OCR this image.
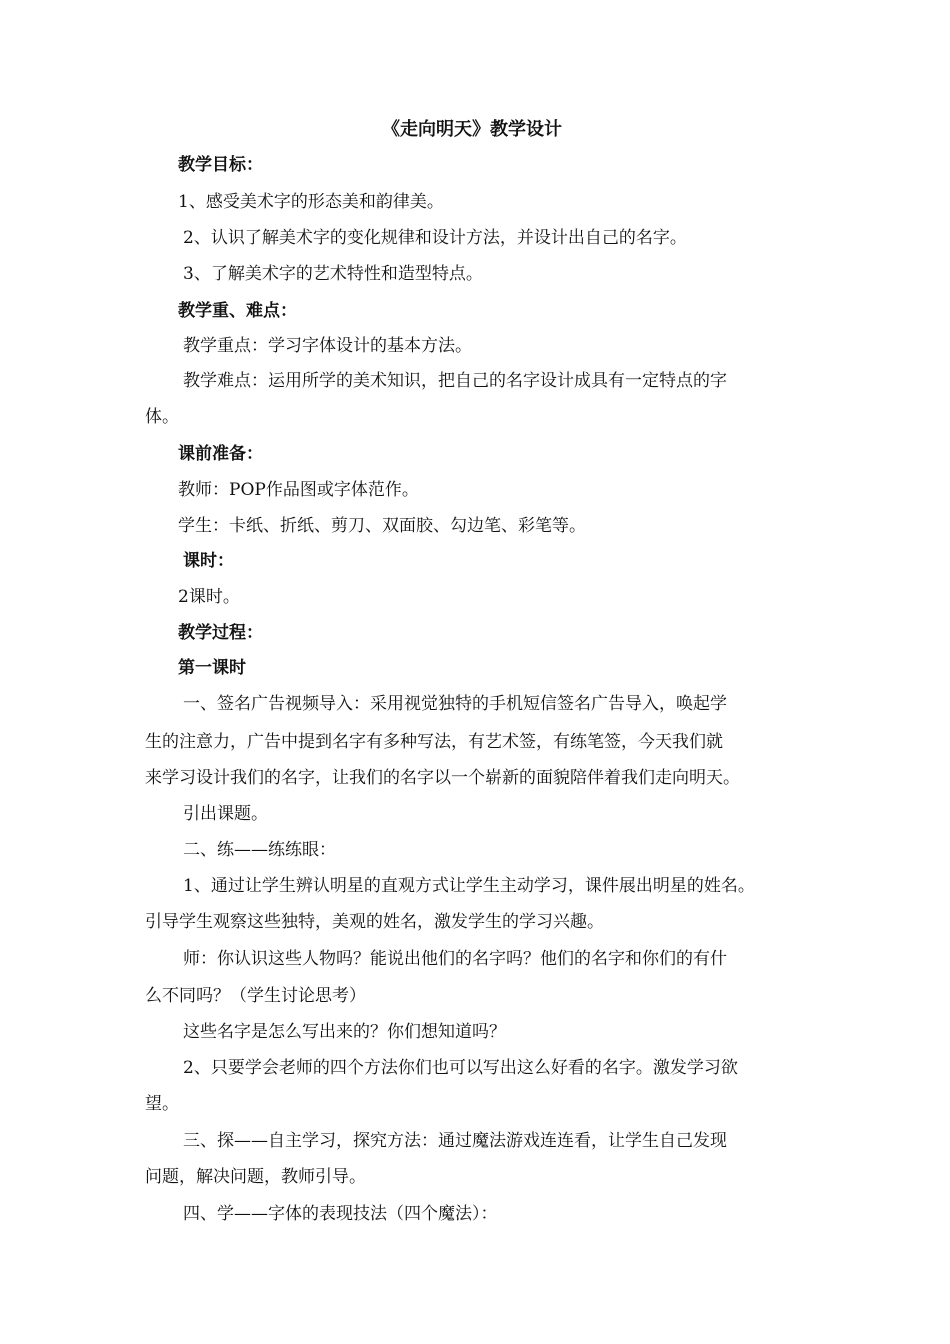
《走向明天》教学设计
教学目标：
1、感受美术字的形态美和韵律美。
2、认识了解美术字的变化规律和设计方法，并设计出自己的名字。
3、了解美术字的艺术特性和造型特点。
教学重、难点：
教学重点：学习字体设计的基本方法。
教学难点：运用所学的美术知识，把自己的名字设计成具有一定特点的字
体。
课前准备：
教师：POP作品图或字体范作。
学生：卡纸、折纸、剪刀、双面胶、勾边笔、彩笔等。
课时：
2课时。
教学过程：
第一课时
一、签名广告视频导入：采用视觉独特的手机短信签名广告导入，唤起学
生的注意力，广告中提到名字有多种写法，有艺术签，有练笔签，今天我们就
来学习设计我们的名字，让我们的名字以一个崭新的面貌陪伴着我们走向明天。
引出课题。
二、练——练练眼：
1、通过让学生辨认明星的直观方式让学生主动学习，课件展出明星的姓名。
引导学生观察这些独特，美观的姓名，激发学生的学习兴趣。
师：你认识这些人物吗？能说出他们的名字吗？他们的名字和你们的有什
么不同吗？（学生讨论思考）
这些名字是怎么写出来的？你们想知道吗？
2、只要学会老师的四个方法你们也可以写出这么好看的名字。激发学习欲
望。
三、探——自主学习，探究方法：通过魔法游戏连连看，让学生自己发现
问题，解决问题，教师引导。
四、学——字体的表现技法（四个魔法）：
